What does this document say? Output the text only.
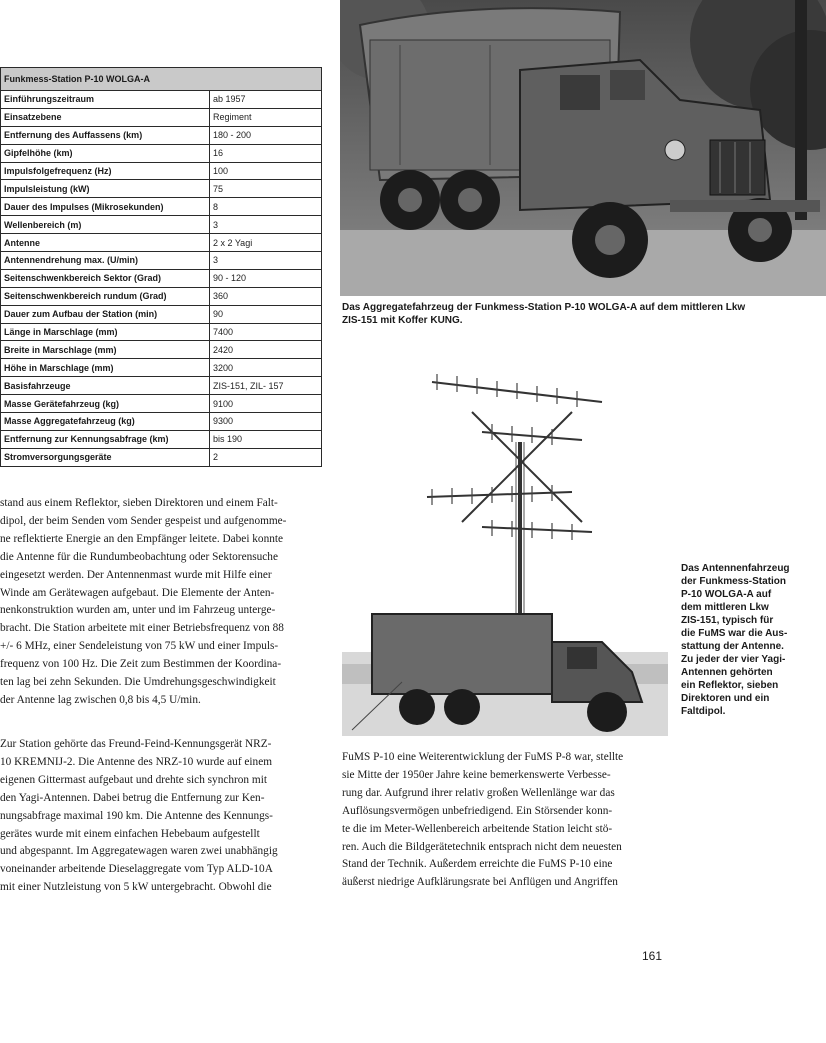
Funkmess-Station P-10 WOLGA-A	
Einführungszeitraum	ab 1957
Einsatzebene	Regiment
Entfernung des Auffassens (km)	180 - 200
Gipfelhöhe (km)	16
Impulsfolgefrequenz (Hz)	100
Impulsleistung (kW)	75
Dauer des Impulses (Mikrosekunden)	8
Wellenbereich (m)	3
Antenne	2 x 2 Yagi
Antennendrehung max. (U/min)	3
Seitenschwenkbereich Sektor (Grad)	90 - 120
Seitenschwenkbereich rundum (Grad)	360
Dauer zum Aufbau der Station (min)	90
Länge in Marschlage (mm)	7400
Breite in Marschlage (mm)	2420
Höhe in Marschlage (mm)	3200
Basisfahrzeuge	ZIS-151, ZIL- 157
Masse Gerätefahrzeug (kg)	9100
Masse Aggregatefahrzeug (kg)	9300
Entfernung zur Kennungsabfrage (km)	bis 190
Stromversorgungsgeräte	2

Das Aggregatefahrzeug der Funkmess-Station P-10 WOLGA-A auf dem mittleren Lkw
ZIS-151 mit Koffer KUNG.

Das Antennenfahrzeug
der Funkmess-Station
P-10 WOLGA-A auf
dem mittleren Lkw
ZIS-151, typisch für
die FuMS war die Aus-
stattung der Antenne.
Zu jeder der vier Yagi-
Antennen gehörten
ein Reflektor, sieben
Direktoren und ein
Faltdipol.

stand aus einem Reflektor, sieben Direktoren und einem Falt-
dipol, der beim Senden vom Sender gespeist und aufgenomme-
ne reflektierte Energie an den Empfänger leitete. Dabei konnte
die Antenne für die Rundumbeobachtung oder Sektorensuche
eingesetzt werden. Der Antennenmast wurde mit Hilfe einer
Winde am Gerätewagen aufgebaut. Die Elemente der Anten-
nenkonstruktion wurden am, unter und im Fahrzeug unterge-
bracht. Die Station arbeitete mit einer Betriebsfrequenz von 88
+/- 6 MHz, einer Sendeleistung von 75 kW und einer Impuls-
frequenz von 100 Hz. Die Zeit zum Bestimmen der Koordina-
ten lag bei zehn Sekunden. Die Umdrehungsgeschwindigkeit
der Antenne lag zwischen 0,8 bis 4,5 U/min.
Zur Station gehörte das Freund-Feind-Kennungsgerät NRZ-
10 KREMNIJ-2. Die Antenne des NRZ-10 wurde auf einem
eigenen Gittermast aufgebaut und drehte sich synchron mit
den Yagi-Antennen. Dabei betrug die Entfernung zur Ken-
nungsabfrage maximal 190 km. Die Antenne des Kennungs-
gerätes wurde mit einem einfachen Hebebaum aufgestellt
und abgespannt. Im Aggregatewagen waren zwei unabhängig
voneinander arbeitende Dieselaggregate vom Typ ALD-10A
mit einer Nutzleistung von 5 kW untergebracht. Obwohl die
FuMS P-10 eine Weiterentwicklung der FuMS P-8 war, stellte
sie Mitte der 1950er Jahre keine bemerkenswerte Verbesse-
rung dar. Aufgrund ihrer relativ großen Wellenlänge war das
Auflösungsvermögen unbefriedigend. Ein Störsender konn-
te die im Meter-Wellenbereich arbeitende Station leicht stö-
ren. Auch die Bildgerätetechnik entsprach nicht dem neuesten
Stand der Technik. Außerdem erreichte die FuMS P-10 eine
äußerst niedrige Aufklärungsrate bei Anflügen und Angriffen
161
